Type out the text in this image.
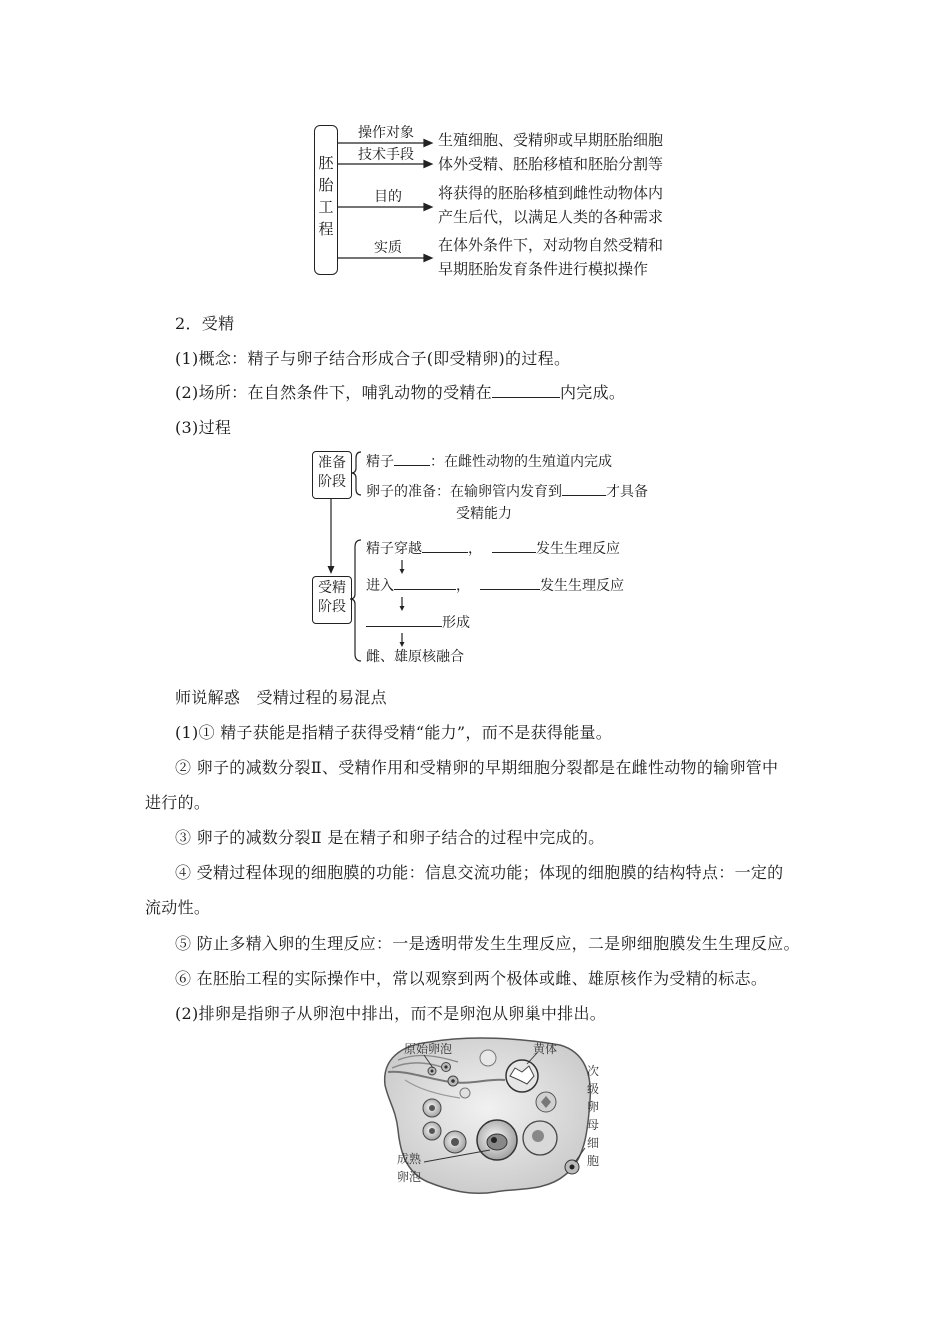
胚
胎
工
程
操作对象
技术手段
目的
实质
生殖细胞、受精卵或早期胚胎细胞
体外受精、胚胎移植和胚胎分割等
将获得的胚胎移植到雌性动物体内
产生后代，以满足人类的各种需求
在体外条件下，对动物自然受精和
早期胚胎发育条件进行模拟操作
2．受精
(1)概念：精子与卵子结合形成合子(即受精卵)的过程。
(2)场所：在自然条件下，哺乳动物的受精在	内完成。
(3)过程
准备
阶段
受精
阶段
精子	：在雌性动物的生殖道内完成
卵子的准备：在输卵管内发育到	才具备
受精能力
精子穿越	，	发生生理反应
进入	，	发生生理反应
形成
雌、雄原核融合
师说解惑　受精过程的易混点
(1)① 精子获能是指精子获得受精“能力”，而不是获得能量。
② 卵子的减数分裂Ⅱ、受精作用和受精卵的早期细胞分裂都是在雌性动物的输卵管中
进行的。
③ 卵子的减数分裂Ⅱ 是在精子和卵子结合的过程中完成的。
④ 受精过程体现的细胞膜的功能：信息交流功能；体现的细胞膜的结构特点：一定的
流动性。
⑤ 防止多精入卵的生理反应：一是透明带发生生理反应，二是卵细胞膜发生生理反应。
⑥ 在胚胎工程的实际操作中，常以观察到两个极体或雌、雄原核作为受精的标志。
(2)排卵是指卵子从卵泡中排出，而不是卵泡从卵巢中排出。
原始卵泡	黄体
次级卵母细胞
成熟
卵泡
